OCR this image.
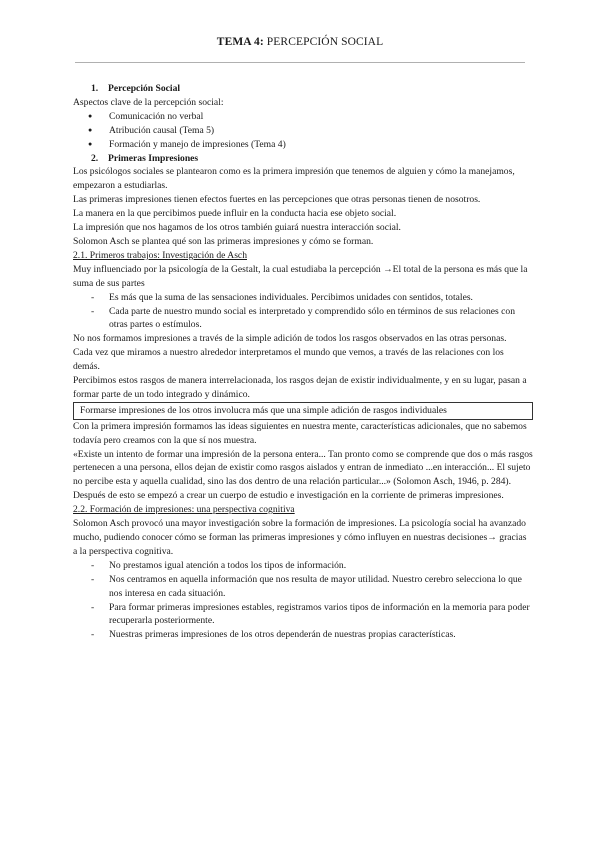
TEMA 4: PERCEPCIÓN SOCIAL

1. Percepción Social

Aspectos clave de la percepción social:

● Comunicación no verbal
● Atribución causal (Tema 5)
● Formación y manejo de impresiones (Tema 4)

2. Primeras Impresiones

Los psicólogos sociales se plantearon como es la primera impresión que tenemos de alguien y cómo la manejamos, empezaron a estudiarlas.

Las primeras impresiones tienen efectos fuertes en las percepciones que otras personas tienen de nosotros.

La manera en la que percibimos puede influir en la conducta hacia ese objeto social.

La impresión que nos hagamos de los otros también guiará nuestra interacción social.

Solomon Asch se plantea qué son las primeras impresiones y cómo se forman.

2.1. Primeros trabajos: Investigación de Asch

Muy influenciado por la psicología de la Gestalt, la cual estudiaba la percepción →El total de la persona es más que la suma de sus partes

- Es más que la suma de las sensaciones individuales. Percibimos unidades con sentidos, totales.
- Cada parte de nuestro mundo social es interpretado y comprendido sólo en términos de sus relaciones con otras partes o estímulos.

No nos formamos impresiones a través de la simple adición de todos los rasgos observados en las otras personas.

Cada vez que miramos a nuestro alrededor interpretamos el mundo que vemos, a través de las relaciones con los demás.

Percibimos estos rasgos de manera interrelacionada, los rasgos dejan de existir individualmente, y en su lugar, pasan a formar parte de un todo integrado y dinámico.

Formarse impresiones de los otros involucra más que una simple adición de rasgos individuales

Con la primera impresión formamos las ideas siguientes en nuestra mente, características adicionales, que no sabemos todavía pero creamos con la que sí nos muestra.

«Existe un intento de formar una impresión de la persona entera... Tan pronto como se comprende que dos o más rasgos pertenecen a una persona, ellos dejan de existir como rasgos aislados y entran de inmediato ...en interacción... El sujeto no percibe esta y aquella cualidad, sino las dos dentro de una relación particular...» (Solomon Asch, 1946, p. 284).

Después de esto se empezó a crear un cuerpo de estudio e investigación en la corriente de primeras impresiones.

2.2. Formación de impresiones: una perspectiva cognitiva

Solomon Asch provocó una mayor investigación sobre la formación de impresiones. La psicología social ha avanzado mucho, pudiendo conocer cómo se forman las primeras impresiones y cómo influyen en nuestras decisiones→ gracias a la perspectiva cognitiva.

- No prestamos igual atención a todos los tipos de información.
- Nos centramos en aquella información que nos resulta de mayor utilidad. Nuestro cerebro selecciona lo que nos interesa en cada situación.
- Para formar primeras impresiones estables, registramos varios tipos de información en la memoria para poder recuperarla posteriormente.
- Nuestras primeras impresiones de los otros dependerán de nuestras propias características.
